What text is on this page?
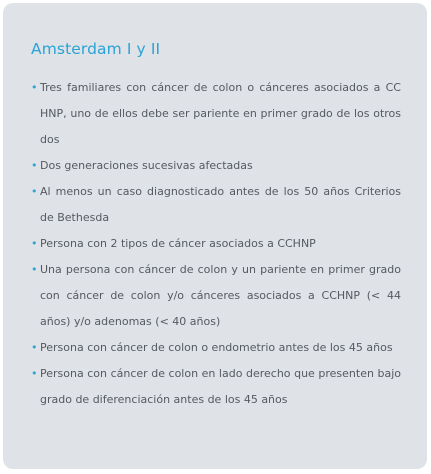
Amsterdam I y II
• Tres familiares con cáncer de colon o cánceres asociados a CC HNP, uno de ellos debe ser pariente en primer grado de los otros dos
• Dos generaciones sucesivas afectadas
• Al menos un caso diagnosticado antes de los 50 años Criterios de Bethesda
• Persona con 2 tipos de cáncer asociados a CCHNP
• Una persona con cáncer de colon y un pariente en primer grado con cáncer de colon y/o cánceres asociados a CCHNP (< 44 años) y/o adenomas (< 40 años)
• Persona con cáncer de colon o endometrio antes de los 45 años
• Persona con cáncer de colon en lado derecho que presenten bajo grado de diferenciación antes de los 45 años
